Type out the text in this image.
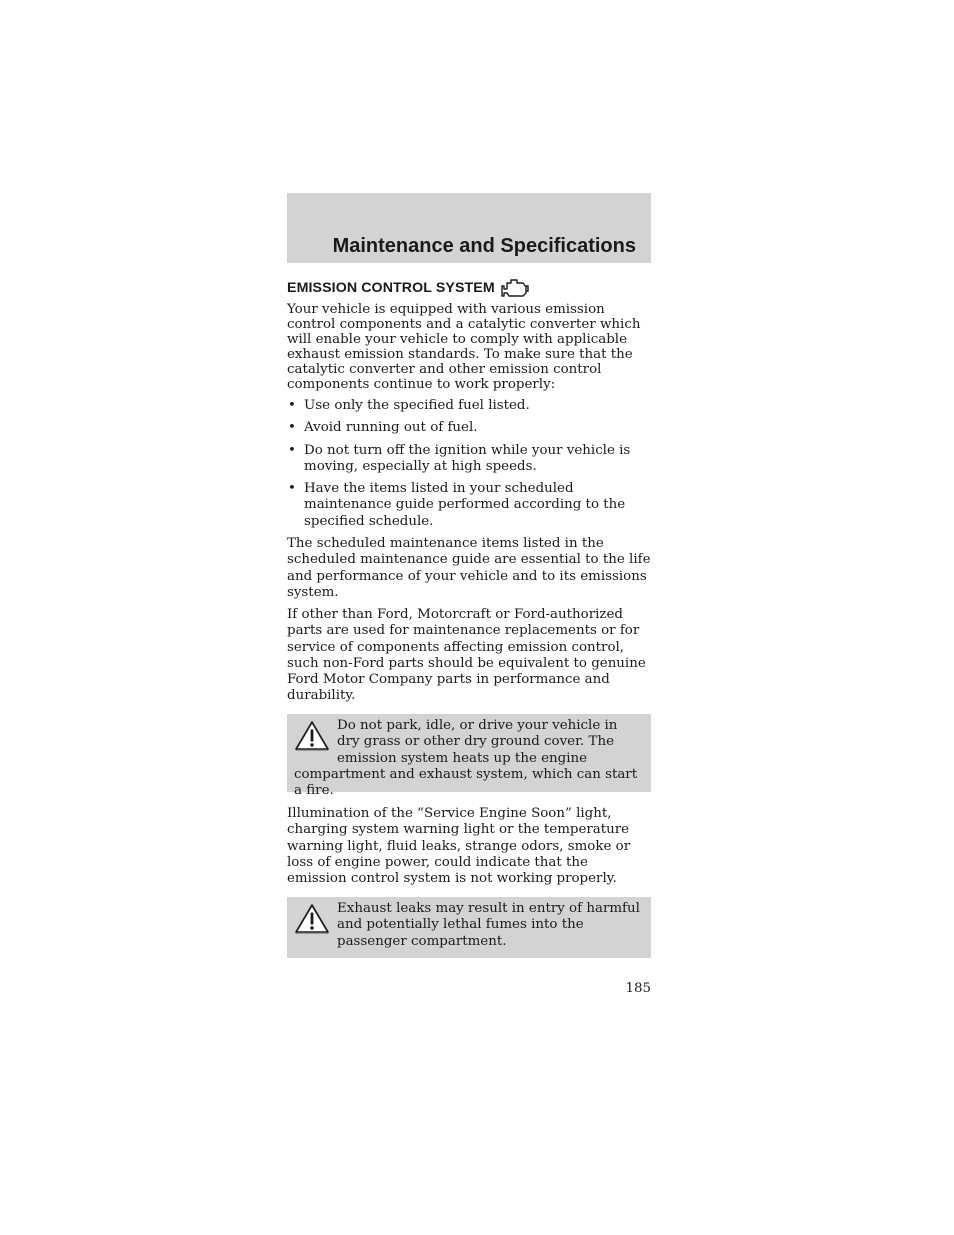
Maintenance and Specifications
EMISSION CONTROL SYSTEM

Your vehicle is equipped with various emission control components and a catalytic converter which will enable your vehicle to comply with applicable exhaust emission standards. To make sure that the catalytic converter and other emission control components continue to work properly:

• Use only the specified fuel listed.
• Avoid running out of fuel.
• Do not turn off the ignition while your vehicle is moving, especially at high speeds.
• Have the items listed in your scheduled maintenance guide performed according to the specified schedule.

The scheduled maintenance items listed in the scheduled maintenance guide are essential to the life and performance of your vehicle and to its emissions system.

If other than Ford, Motorcraft or Ford-authorized parts are used for maintenance replacements or for service of components affecting emission control, such non-Ford parts should be equivalent to genuine Ford Motor Company parts in performance and durability.

Do not park, idle, or drive your vehicle in dry grass or other dry ground cover. The emission system heats up the engine compartment and exhaust system, which can start a fire.

Illumination of the “Service Engine Soon” light, charging system warning light or the temperature warning light, fluid leaks, strange odors, smoke or loss of engine power, could indicate that the emission control system is not working properly.

Exhaust leaks may result in entry of harmful and potentially lethal fumes into the passenger compartment.

185
